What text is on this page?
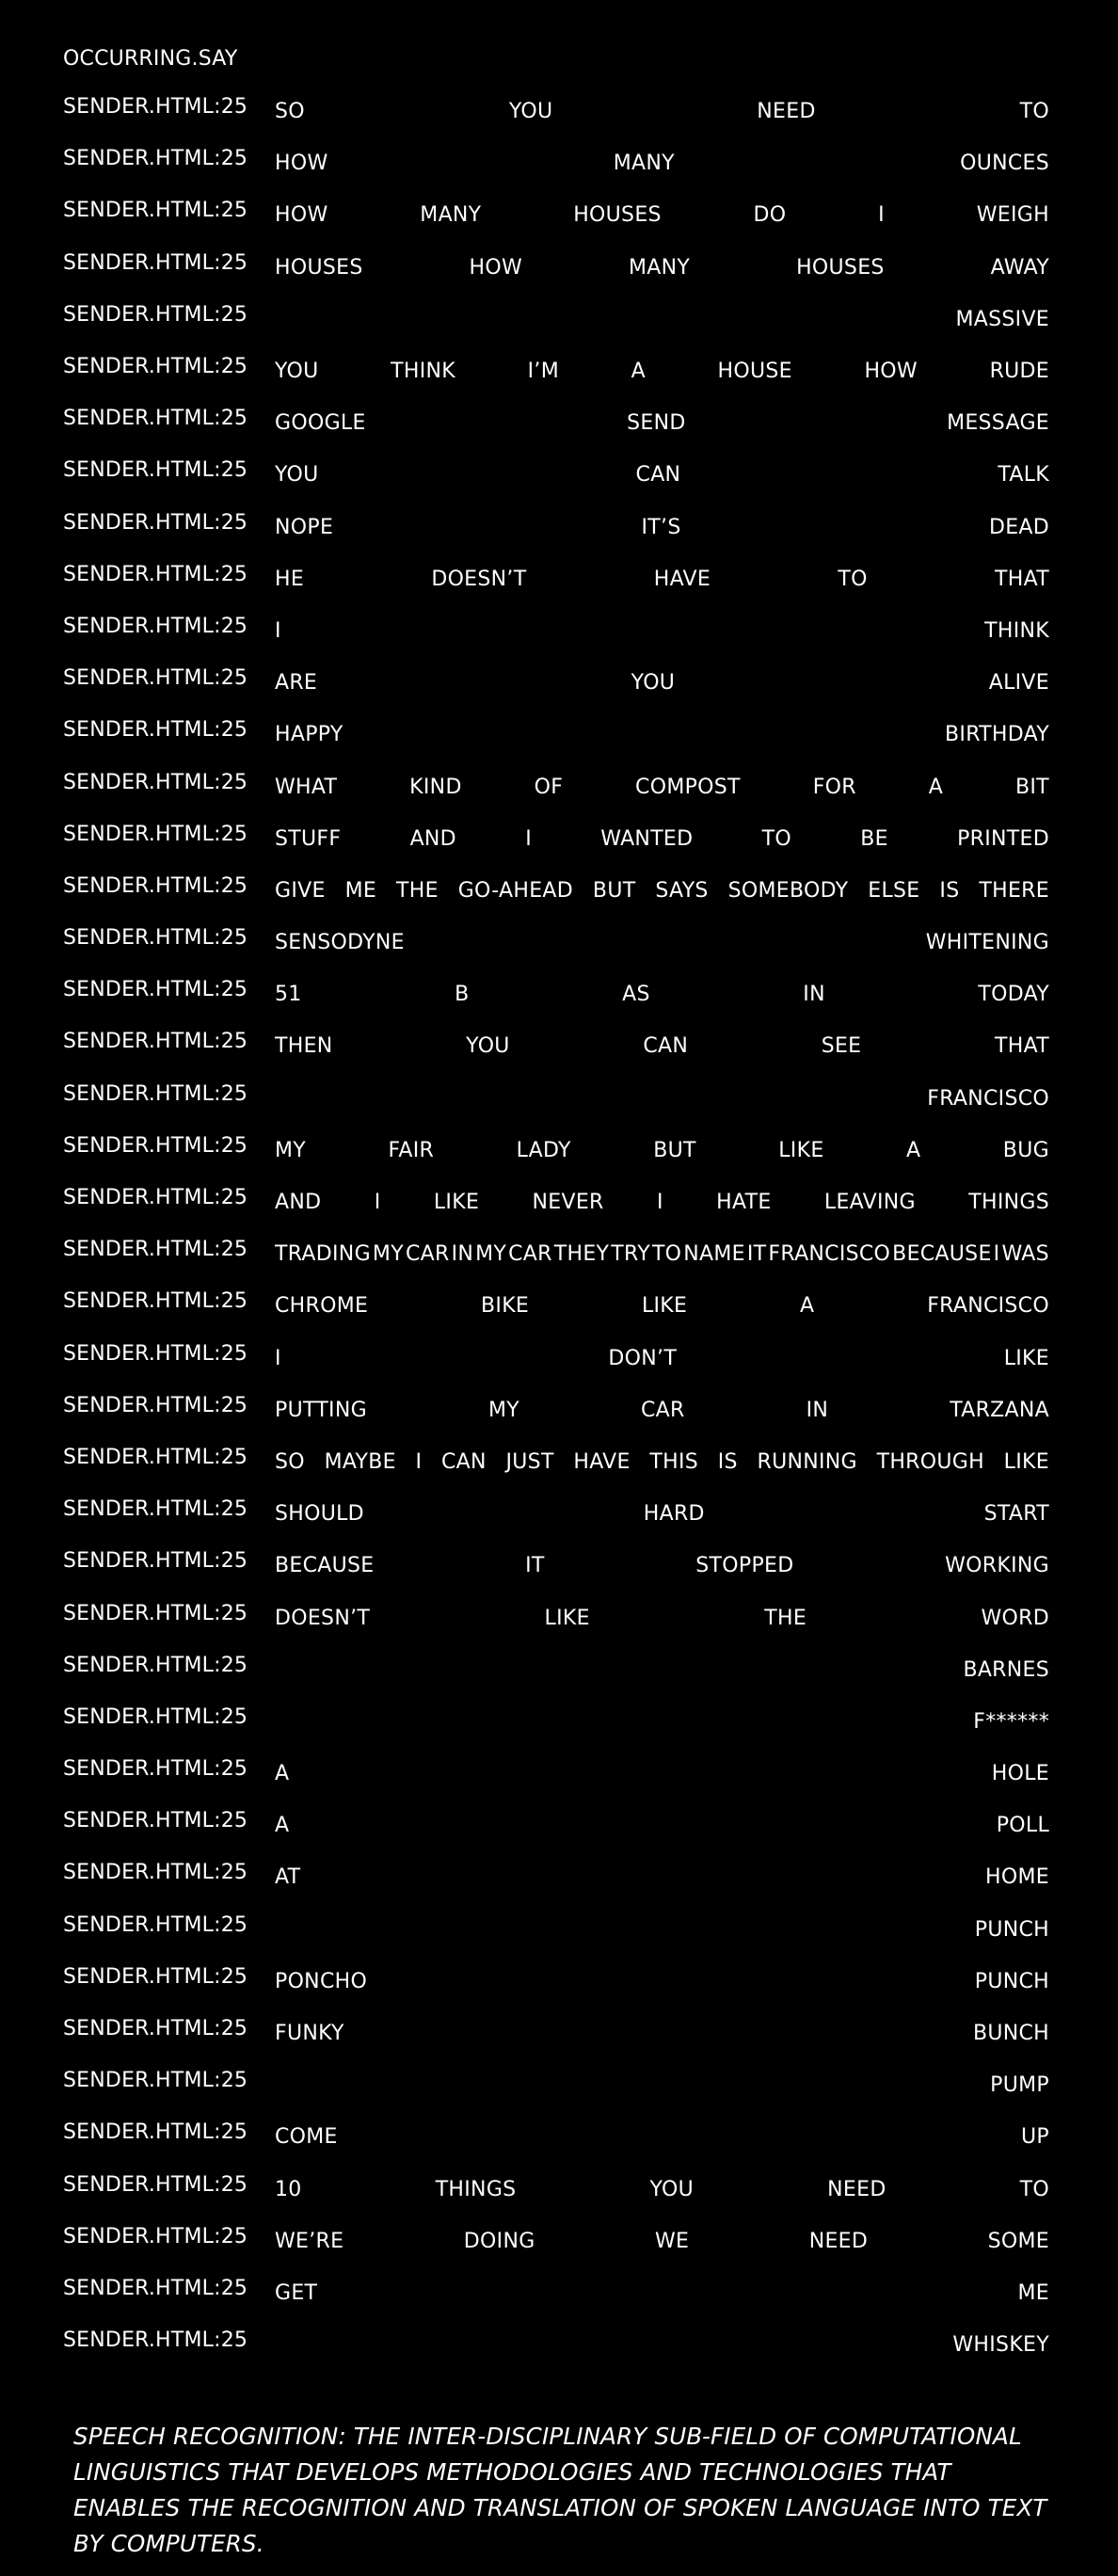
OCCURRING.SAY
SENDER.HTML:25	SO	YOU	NEED	TO
SENDER.HTML:25	HOW	MANY	OUNCES
SENDER.HTML:25	HOW	MANY	HOUSES	DO	I	WEIGH
SENDER.HTML:25	HOUSES	HOW	MANY	HOUSES	AWAY
SENDER.HTML:25	MASSIVE
SENDER.HTML:25	YOU	THINK	I’M	A	HOUSE	HOW	RUDE
SENDER.HTML:25	GOOGLE	SEND	MESSAGE
SENDER.HTML:25	YOU	CAN	TALK
SENDER.HTML:25	NOPE	IT’S	DEAD
SENDER.HTML:25	HE	DOESN’T	HAVE	TO	THAT
SENDER.HTML:25	I	THINK
SENDER.HTML:25	ARE	YOU	ALIVE
SENDER.HTML:25	HAPPY	BIRTHDAY
SENDER.HTML:25	WHAT	KIND	OF	COMPOST	FOR	A	BIT
SENDER.HTML:25	STUFF	AND	I	WANTED	TO	BE	PRINTED
SENDER.HTML:25	GIVE ME THE GO-AHEAD BUT SAYS SOMEBODY ELSE IS THERE
SENDER.HTML:25	SENSODYNE	WHITENING
SENDER.HTML:25	51	B	AS	IN	TODAY
SENDER.HTML:25	THEN	YOU	CAN	SEE	THAT
SENDER.HTML:25	FRANCISCO
SENDER.HTML:25	MY	FAIR	LADY	BUT	LIKE	A	BUG
SENDER.HTML:25	AND	I	LIKE	NEVER	I	HATE	LEAVING	THINGS
SENDER.HTML:25	TRADING MY CAR IN MY CAR THEY TRY TO NAME IT FRANCISCO BECAUSE I WAS
SENDER.HTML:25	CHROME	BIKE	LIKE	A	FRANCISCO
SENDER.HTML:25	I	DON’T	LIKE
SENDER.HTML:25	PUTTING	MY	CAR	IN	TARZANA
SENDER.HTML:25	SO MAYBE I CAN JUST HAVE THIS IS RUNNING THROUGH LIKE
SENDER.HTML:25	SHOULD	HARD	START
SENDER.HTML:25	BECAUSE	IT	STOPPED	WORKING
SENDER.HTML:25	DOESN’T	LIKE	THE	WORD
SENDER.HTML:25	BARNES
SENDER.HTML:25	F******
SENDER.HTML:25	A	HOLE
SENDER.HTML:25	A	POLL
SENDER.HTML:25	AT	HOME
SENDER.HTML:25	PUNCH
SENDER.HTML:25	PONCHO	PUNCH
SENDER.HTML:25	FUNKY	BUNCH
SENDER.HTML:25	PUMP
SENDER.HTML:25	COME	UP
SENDER.HTML:25	10	THINGS	YOU	NEED	TO
SENDER.HTML:25	WE’RE	DOING	WE	NEED	SOME
SENDER.HTML:25	GET	ME
SENDER.HTML:25	WHISKEY
SPEECH RECOGNITION: THE INTER-DISCIPLINARY SUB-FIELD OF COMPUTATIONAL LINGUISTICS THAT DEVELOPS METHODOLOGIES AND TECHNOLOGIES THAT ENABLES THE RECOGNITION AND TRANSLATION OF SPOKEN LANGUAGE INTO TEXT BY COMPUTERS.
